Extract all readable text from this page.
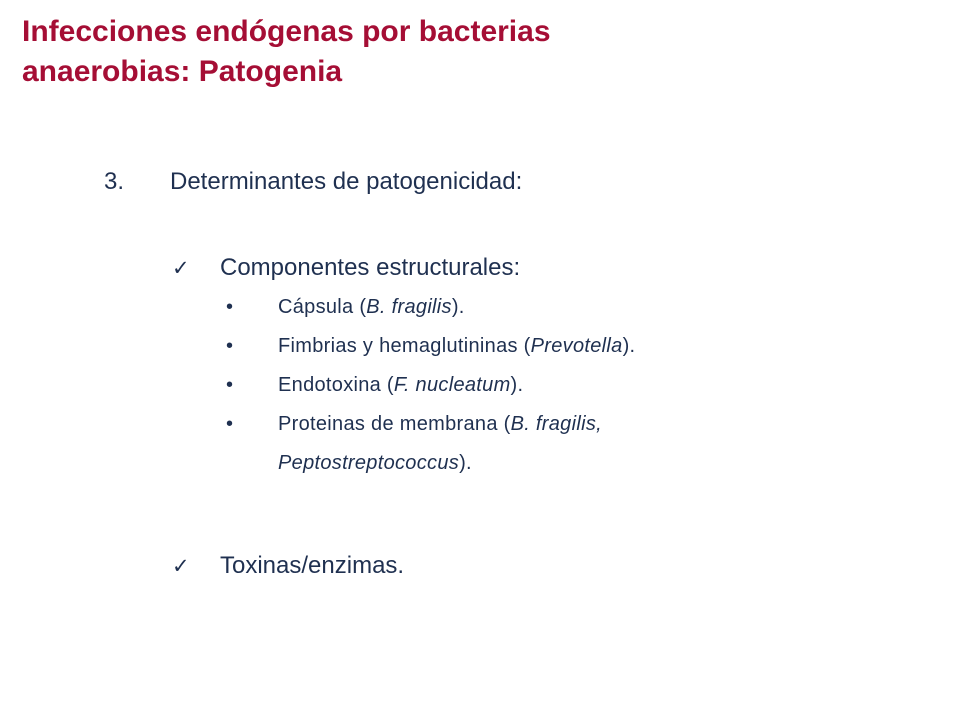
Infecciones endógenas por bacterias
anaerobias: Patogenia
3. Determinantes de patogenicidad:
✓ Componentes estructurales:
•	Cápsula (B. fragilis).
•	Fimbrias y hemaglutininas (Prevotella).
•	Endotoxina (F. nucleatum).
•	Proteinas de membrana (B. fragilis,
Peptostreptococcus).
✓ Toxinas/enzimas.
